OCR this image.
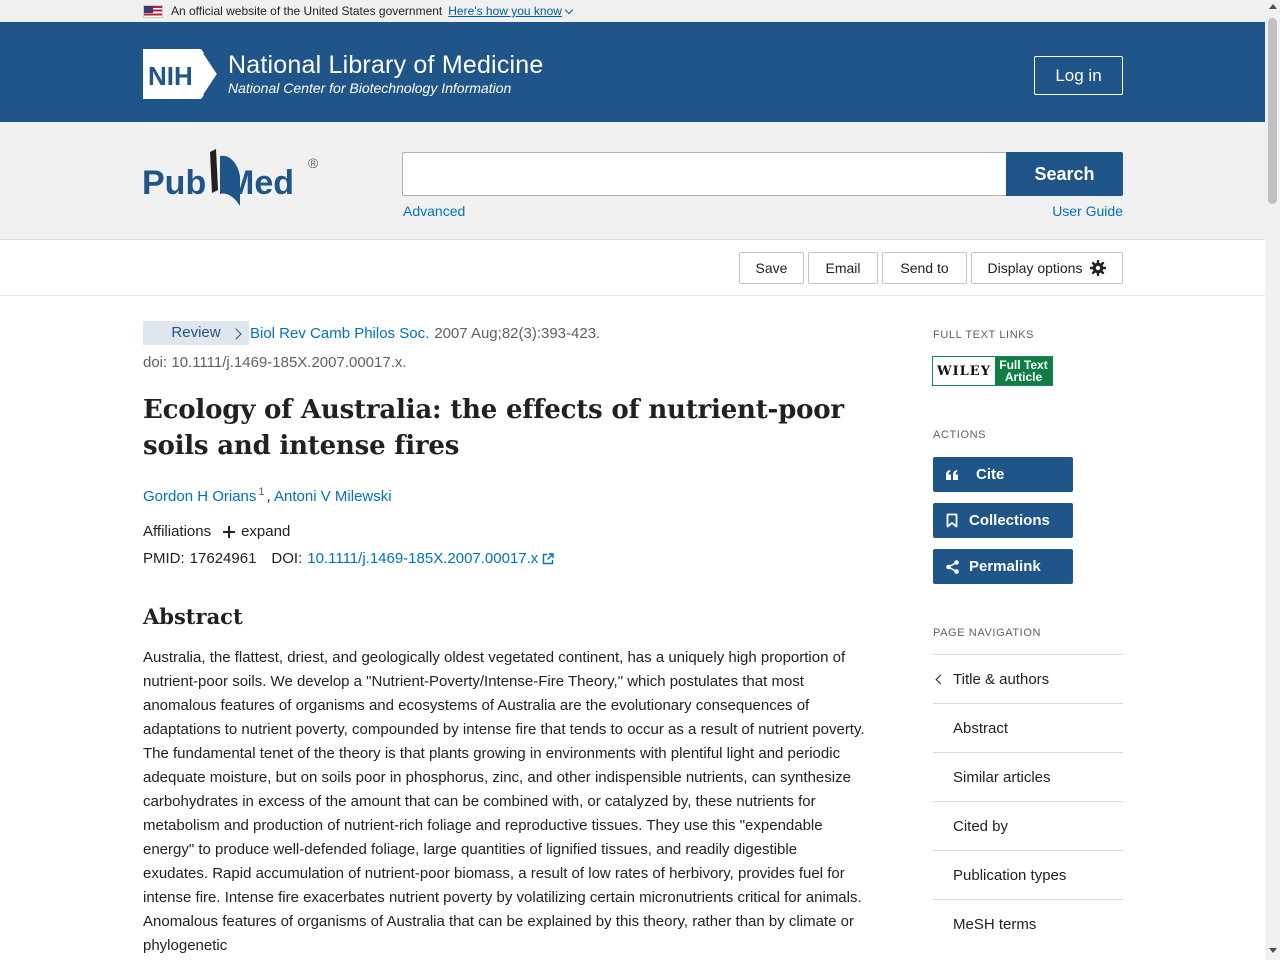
An official website of the United States government Here's how you know
NIH National Library of Medicine
National Center for Biotechnology Information
Log in
Pub Med
®
Search
Advanced	User Guide
Save	Email	Send to	Display options
Review	Biol Rev Camb Philos Soc. 2007 Aug;82(3):393-423.
doi: 10.1111/j.1469-185X.2007.00017.x.
Ecology of Australia: the effects of nutrient-poor soils and intense fires
Gordon H Orians $^1$ , Antoni V Milewski
Affiliations expand
PMID: 17624961 DOI: 10.1111/j.1469-185X.2007.00017.x
Abstract

Australia, the flattest, driest, and geologically oldest vegetated continent, has a uniquely high proportion of nutrient-poor soils. We develop a "Nutrient-Poverty/Intense-Fire Theory," which postulates that most anomalous features of organisms and ecosystems of Australia are the evolutionary consequences of adaptations to nutrient poverty, compounded by intense fire that tends to occur as a result of nutrient poverty. The fundamental tenet of the theory is that plants growing in environments with plentiful light and periodic adequate moisture, but on soils poor in phosphorus, zinc, and other indispensible nutrients, can synthesize carbohydrates in excess of the amount that can be combined with, or catalyzed by, these nutrients for metabolism and production of nutrient-rich foliage and reproductive tissues. They use this "expendable energy" to produce well-defended foliage, large quantities of lignified tissues, and readily digestible exudates. Rapid accumulation of nutrient-poor biomass, a result of low rates of herbivory, provides fuel for intense fire. Intense fire exacerbates nutrient poverty by volatilizing certain micronutrients critical for animals. Anomalous features of organisms of Australia that can be explained by this theory, rather than by climate or phylogenetic

FULL TEXT LINKS
WILEY Full Text
Article
ACTIONS
Cite
Collections
Permalink
PAGE NAVIGATION
Title & authors
Abstract
Similar articles
Cited by
Publication types
MeSH terms
